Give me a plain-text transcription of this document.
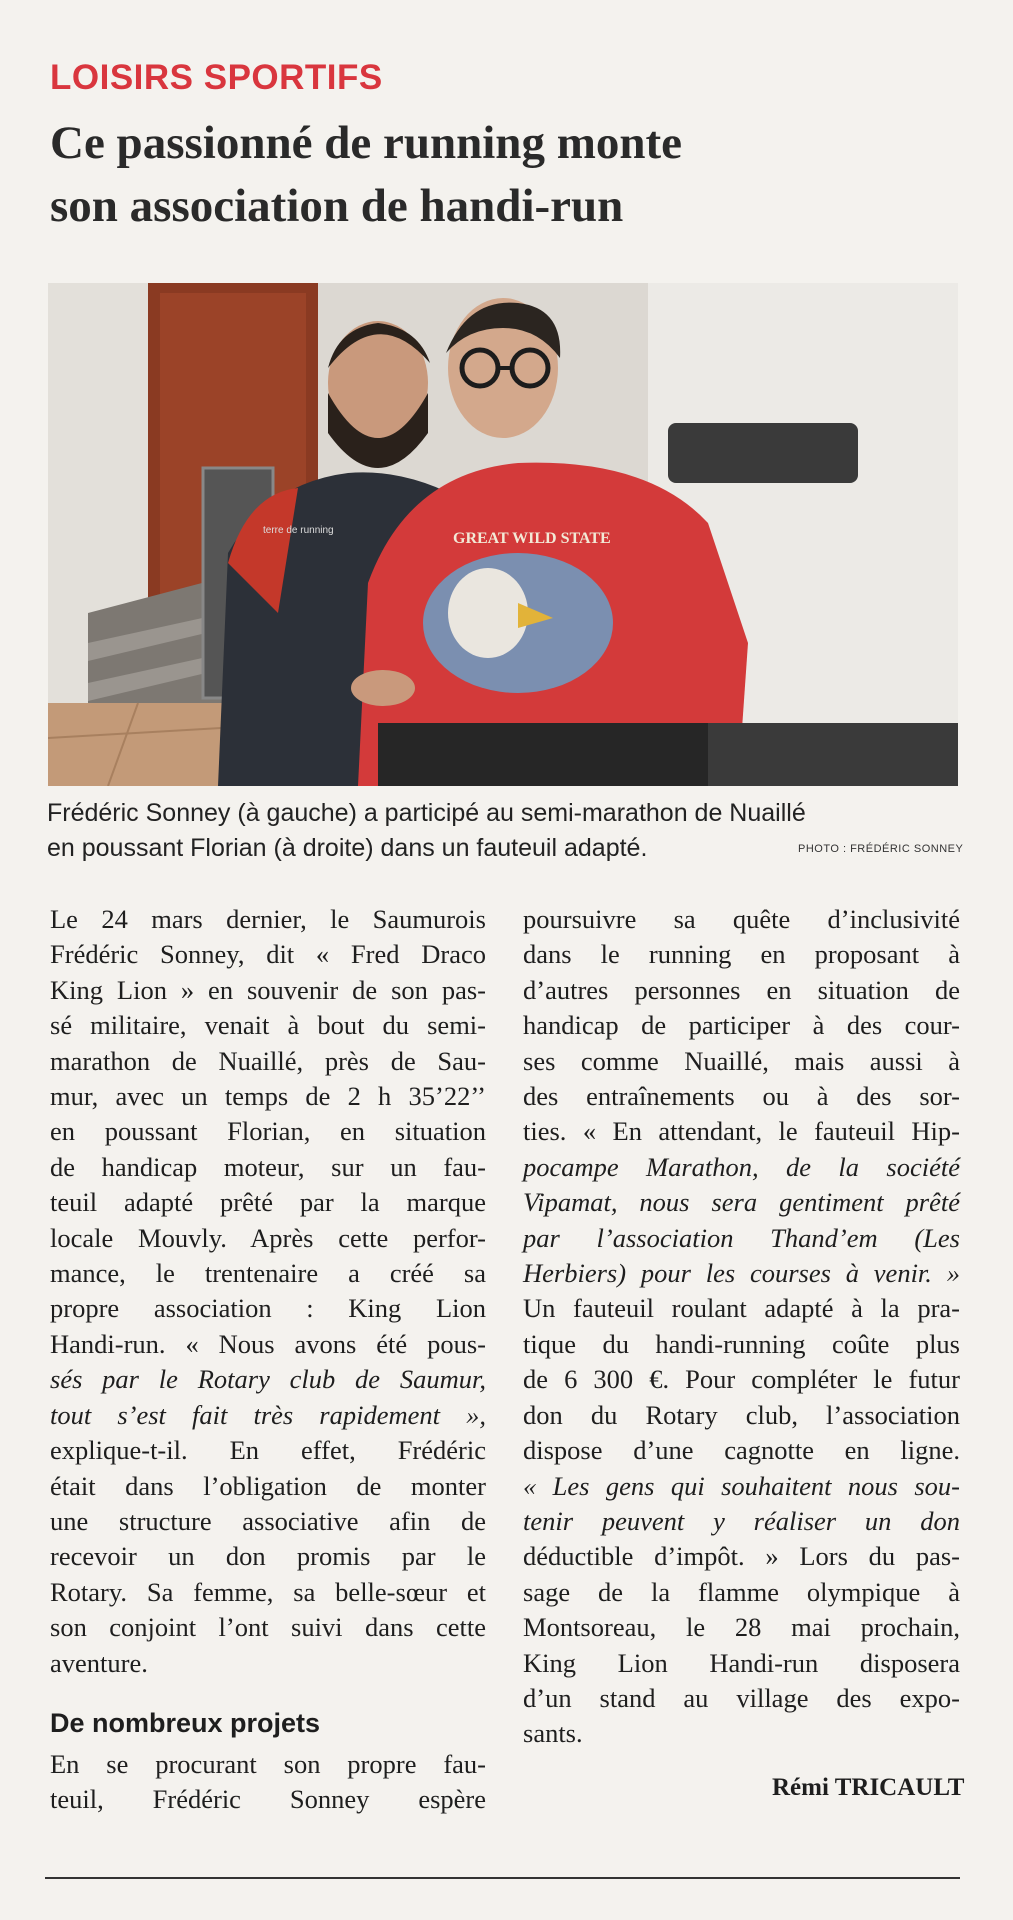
LOISIRS SPORTIFS
Ce passionné de running monte
son association de handi-run
terre de running	GREAT WILD STATE
Frédéric Sonney (à gauche) a participé au semi-marathon de Nuaillé
en poussant Florian (à droite) dans un fauteuil adapté.	PHOTO : FRÉDÉRIC SONNEY
Le 24 mars dernier, le Saumurois
Frédéric Sonney, dit « Fred Draco
King Lion » en souvenir de son pas-
sé militaire, venait à bout du semi-
marathon de Nuaillé, près de Sau-
mur, avec un temps de 2 h 35’22’’
en poussant Florian, en situation
de handicap moteur, sur un fau-
teuil adapté prêté par la marque
locale Mouvly. Après cette perfor-
mance, le trentenaire a créé sa
propre association : King Lion
Handi-run. « Nous avons été pous-
sés par le Rotary club de Saumur,
tout s’est fait très rapidement »,
explique-t-il. En effet, Frédéric
était dans l’obligation de monter
une structure associative afin de
recevoir un don promis par le
Rotary. Sa femme, sa belle-sœur et
son conjoint l’ont suivi dans cette
aventure.
De nombreux projets
En se procurant son propre fau-
teuil, Frédéric Sonney espère
poursuivre sa quête d’inclusivité
dans le running en proposant à
d’autres personnes en situation de
handicap de participer à des cour-
ses comme Nuaillé, mais aussi à
des entraînements ou à des sor-
ties. « En attendant, le fauteuil Hip-
pocampe Marathon, de la société
Vipamat, nous sera gentiment prêté
par l’association Thand’em (Les
Herbiers) pour les courses à venir. »
Un fauteuil roulant adapté à la pra-
tique du handi-running coûte plus
de 6 300 €. Pour compléter le futur
don du Rotary club, l’association
dispose d’une cagnotte en ligne.
« Les gens qui souhaitent nous sou-
tenir peuvent y réaliser un don
déductible d’impôt. » Lors du pas-
sage de la flamme olympique à
Montsoreau, le 28 mai prochain,
King Lion Handi-run disposera
d’un stand au village des expo-
sants.
Rémi TRICAULT
